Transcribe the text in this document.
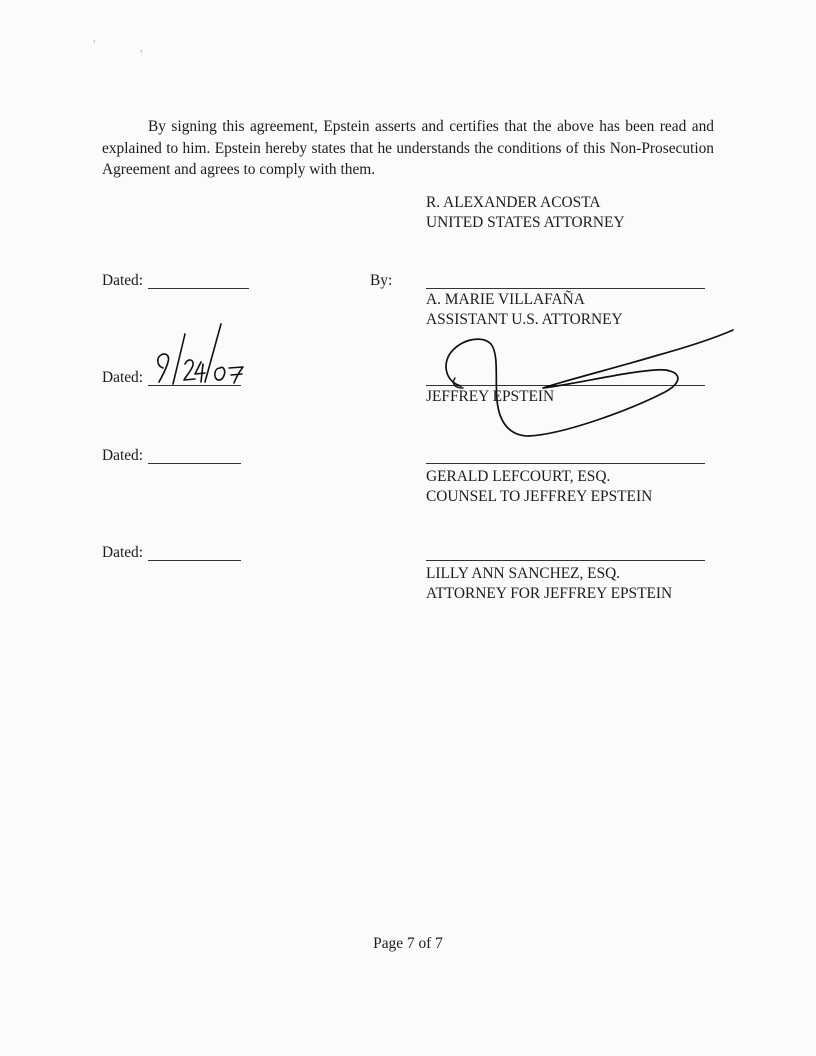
'
'
By signing this agreement, Epstein asserts and certifies that the above has been read and explained to him. Epstein hereby states that he understands the conditions of this Non-Prosecution Agreement and agrees to comply with them.
R. ALEXANDER ACOSTA
UNITED STATES ATTORNEY
Dated:	By:
A. MARIE VILLAFAÑA
ASSISTANT U.S. ATTORNEY
Dated:
JEFFREY EPSTEIN
Dated:
GERALD LEFCOURT, ESQ.
COUNSEL TO JEFFREY EPSTEIN
Dated:
LILLY ANN SANCHEZ, ESQ.
ATTORNEY FOR JEFFREY EPSTEIN
Page 7 of 7
